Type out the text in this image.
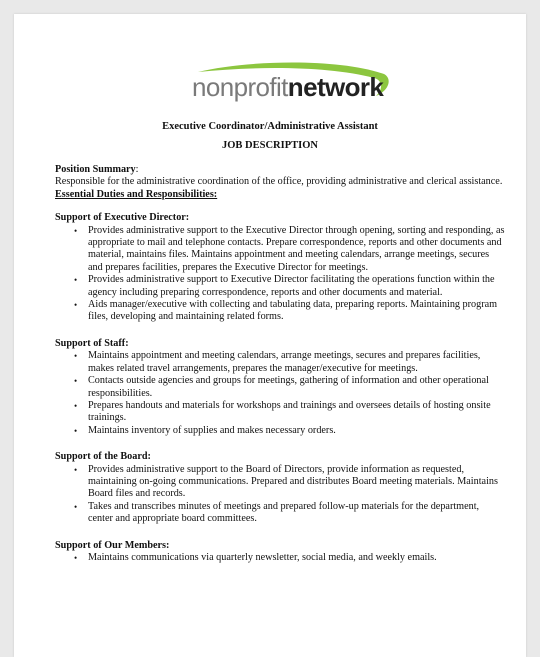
nonprofitnetwork
Executive Coordinator/Administrative Assistant
JOB DESCRIPTION

Position Summary:

Responsible for the administrative coordination of the office, providing administrative and clerical assistance.

Essential Duties and Responsibilities:

Support of Executive Director:

• Provides administrative support to the Executive Director through opening, sorting and responding, as appropriate to mail and telephone contacts. Prepare correspondence, reports and other documents and material, maintains files. Maintains appointment and meeting calendars, arrange meetings, secures and prepares facilities, prepares the Executive Director for meetings.
• Provides administrative support to Executive Director facilitating the operations function within the agency including preparing correspondence, reports and other documents and material.
• Aids manager/executive with collecting and tabulating data, preparing reports. Maintaining program files, developing and maintaining related forms.

Support of Staff:

• Maintains appointment and meeting calendars, arrange meetings, secures and prepares facilities, makes related travel arrangements, prepares the manager/executive for meetings.
• Contacts outside agencies and groups for meetings, gathering of information and other operational responsibilities.
• Prepares handouts and materials for workshops and trainings and oversees details of hosting onsite trainings.
• Maintains inventory of supplies and makes necessary orders.

Support of the Board:

• Provides administrative support to the Board of Directors, provide information as requested, maintaining on-going communications. Prepared and distributes Board meeting materials. Maintains Board files and records.
• Takes and transcribes minutes of meetings and prepared follow-up materials for the department, center and appropriate board committees.

Support of Our Members:

• Maintains communications via quarterly newsletter, social media, and weekly emails.
